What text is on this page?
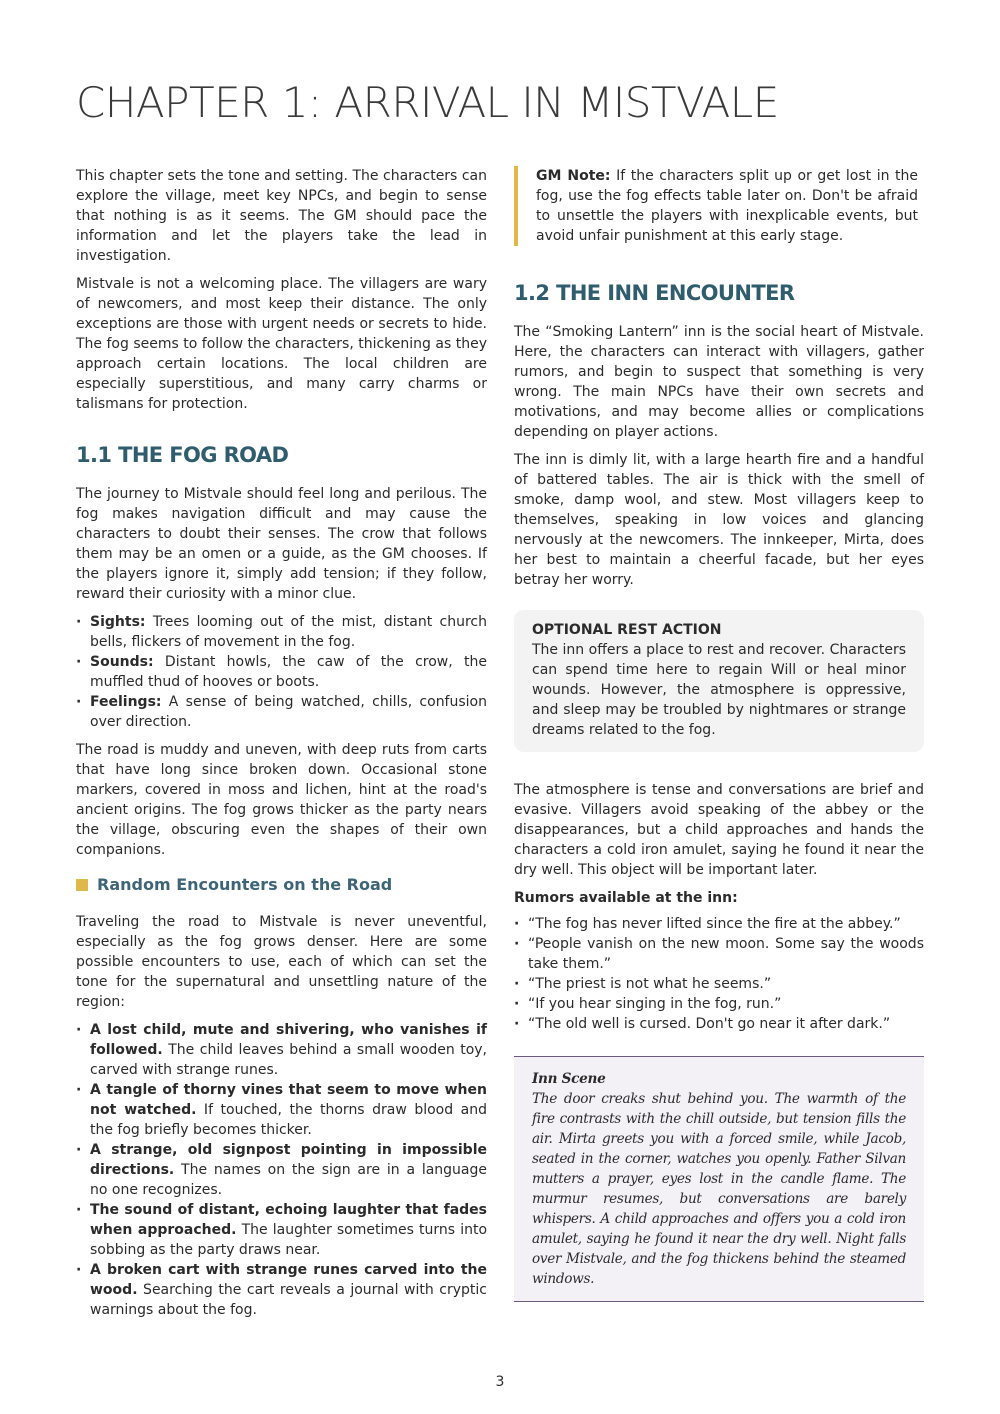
CHAPTER 1: ARRIVAL IN MISTVALE

This chapter sets the tone and setting. The characters can explore the village, meet key NPCs, and begin to sense that nothing is as it seems. The GM should pace the information and let the players take the lead in investigation.

Mistvale is not a welcoming place. The villagers are wary of newcomers, and most keep their distance. The only exceptions are those with urgent needs or secrets to hide. The fog seems to follow the characters, thickening as they approach certain locations. The local children are especially superstitious, and many carry charms or talismans for protection.

1.1 THE FOG ROAD

The journey to Mistvale should feel long and perilous. The fog makes navigation difficult and may cause the characters to doubt their senses. The crow that follows them may be an omen or a guide, as the GM chooses. If the players ignore it, simply add tension; if they follow, reward their curiosity with a minor clue.

· Sights: Trees looming out of the mist, distant church bells, flickers of movement in the fog.
· Sounds: Distant howls, the caw of the crow, the muffled thud of hooves or boots.
· Feelings: A sense of being watched, chills, confusion over direction.

The road is muddy and uneven, with deep ruts from carts that have long since broken down. Occasional stone markers, covered in moss and lichen, hint at the road's ancient origins. The fog grows thicker as the party nears the village, obscuring even the shapes of their own companions.

Random Encounters on the Road

Traveling the road to Mistvale is never uneventful, especially as the fog grows denser. Here are some possible encounters to use, each of which can set the tone for the supernatural and unsettling nature of the region:

· A lost child, mute and shivering, who vanishes if followed. The child leaves behind a small wooden toy, carved with strange runes.
· A tangle of thorny vines that seem to move when not watched. If touched, the thorns draw blood and the fog briefly becomes thicker.
· A strange, old signpost pointing in impossible directions. The names on the sign are in a language no one recognizes.
· The sound of distant, echoing laughter that fades when approached. The laughter sometimes turns into sobbing as the party draws near.
· A broken cart with strange runes carved into the wood. Searching the cart reveals a journal with cryptic warnings about the fog.

GM Note: If the characters split up or get lost in the fog, use the fog effects table later on. Don't be afraid to unsettle the players with inexplicable events, but avoid unfair punishment at this early stage.

1.2 THE INN ENCOUNTER

The “Smoking Lantern” inn is the social heart of Mistvale. Here, the characters can interact with villagers, gather rumors, and begin to suspect that something is very wrong. The main NPCs have their own secrets and motivations, and may become allies or complications depending on player actions.

The inn is dimly lit, with a large hearth fire and a handful of battered tables. The air is thick with the smell of smoke, damp wool, and stew. Most villagers keep to themselves, speaking in low voices and glancing nervously at the newcomers. The innkeeper, Mirta, does her best to maintain a cheerful facade, but her eyes betray her worry.

OPTIONAL REST ACTION

The inn offers a place to rest and recover. Characters can spend time here to regain Will or heal minor wounds. However, the atmosphere is oppressive, and sleep may be troubled by nightmares or strange dreams related to the fog.

The atmosphere is tense and conversations are brief and evasive. Villagers avoid speaking of the abbey or the disappearances, but a child approaches and hands the characters a cold iron amulet, saying he found it near the dry well. This object will be important later.

Rumors available at the inn:

· “The fog has never lifted since the fire at the abbey.”
· “People vanish on the new moon. Some say the woods take them.”
· “The priest is not what he seems.”
· “If you hear singing in the fog, run.”
· “The old well is cursed. Don't go near it after dark.”

Inn Scene

The door creaks shut behind you. The warmth of the fire contrasts with the chill outside, but tension fills the air. Mirta greets you with a forced smile, while Jacob, seated in the corner, watches you openly. Father Silvan mutters a prayer, eyes lost in the candle flame. The murmur resumes, but conversations are barely whispers. A child approaches and offers you a cold iron amulet, saying he found it near the dry well. Night falls over Mistvale, and the fog thickens behind the steamed windows.

3
